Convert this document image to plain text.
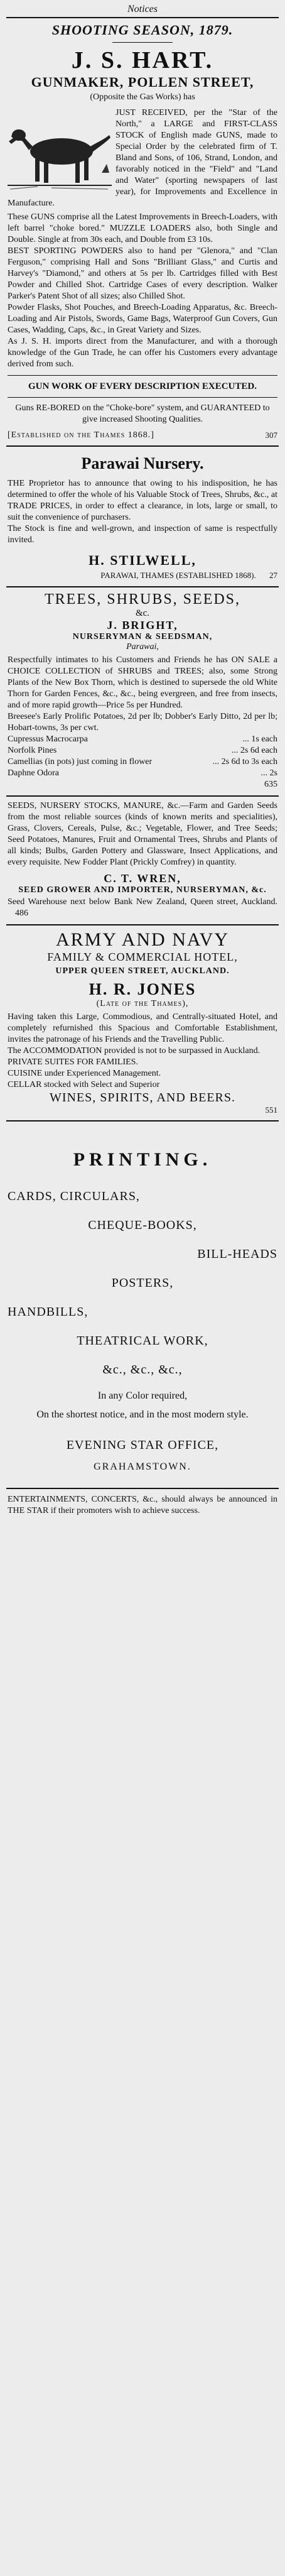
Notices
SHOOTING SEASON, 1879.
J. S. HART.
GUNMAKER, POLLEN STREET,
(Opposite the Gas Works) has

JUST RECEIVED, per the "Star of the North," a LARGE and FIRST-CLASS STOCK of English made GUNS, made to Special Order by the celebrated firm of T. Bland and Sons, of 106, Strand, London, and favorably noticed in the "Field" and "Land and Water" (sporting newspapers of last year), for Improvements and Excellence in Manufacture.

These GUNS comprise all the Latest Improvements in Breech-Loaders, with left barrel "choke bored." MUZZLE LOADERS also, both Single and Double. Single at from 30s each, and Double from £3 10s.
BEST SPORTING POWDERS also to hand per "Glenora," and "Clan Ferguson," comprising Hall and Sons "Brilliant Glass," and Curtis and Harvey's "Diamond," and others at 5s per lb. Cartridges filled with Best Powder and Chilled Shot. Cartridge Cases of every description. Walker Parker's Patent Shot of all sizes; also Chilled Shot.
Powder Flasks, Shot Pouches, and Breech-Loading Apparatus, &c. Breech-Loading and Air Pistols, Swords, Game Bags, Waterproof Gun Covers, Gun Cases, Wadding, Caps, &c., in Great Variety and Sizes.
As J. S. H. imports direct from the Manufacturer, and with a thorough knowledge of the Gun Trade, he can offer his Customers every advantage derived from such.

GUN WORK OF EVERY DESCRIPTION EXECUTED.

Guns RE-BORED on the "Choke-bore" system, and GUARANTEED to give increased Shooting Qualities.

[Established on the Thames 1868.]	307
Parawai Nursery.

THE Proprietor has to announce that owing to his indisposition, he has determined to offer the whole of his Valuable Stock of Trees, Shrubs, &c., at TRADE PRICES, in order to effect a clearance, in lots, large or small, to suit the convenience of purchasers.
The Stock is fine and well-grown, and inspection of same is respectfully invited.

H. STILWELL,
PARAWAI, THAMES (ESTABLISHED 1868). 27
TREES, SHRUBS, SEEDS,
&c.
J. BRIGHT,
NURSERYMAN & SEEDSMAN,
Parawai,

Respectfully intimates to his Customers and Friends he has ON SALE a CHOICE COLLECTION of SHRUBS and TREES; also, some Strong Plants of the New Box Thorn, which is destined to supersede the old White Thorn for Garden Fences, &c., &c., being evergreen, and free from insects, and of more rapid growth—Price 5s per Hundred.
Breesee's Early Prolific Potatoes, 2d per lb; Dobber's Early Ditto, 2d per lb; Hobart-towns, 3s per cwt.

Cupressus Macrocarpa	... 1s each
Norfolk Pines	... 2s 6d each
Camellias (in pots) just coming in flower	... 2s 6d to 3s each
Daphne Odora	... 2s
635

SEEDS, NURSERY STOCKS, MANURE, &c.—Farm and Garden Seeds from the most reliable sources (kinds of known merits and specialities), Grass, Clovers, Cereals, Pulse, &c.; Vegetable, Flower, and Tree Seeds; Seed Potatoes, Manures, Fruit and Ornamental Trees, Shrubs and Plants of all kinds; Bulbs, Garden Pottery and Glassware, Insect Applications, and every requisite. New Fodder Plant (Prickly Comfrey) in quantity.

C. T. WREN,
SEED GROWER AND IMPORTER, NURSERYMAN, &c.

Seed Warehouse next below Bank New Zealand, Queen street, Auckland. 486

ARMY AND NAVY
FAMILY & COMMERCIAL HOTEL,
UPPER QUEEN STREET, AUCKLAND.
H. R. JONES
(Late of the Thames),

Having taken this Large, Commodious, and Centrally-situated Hotel, and completely refurnished this Spacious and Comfortable Establishment, invites the patronage of his Friends and the Travelling Public.
The ACCOMMODATION provided is not to be surpassed in Auckland.
PRIVATE SUITES FOR FAMILIES.
CUISINE under Experienced Management.
CELLAR stocked with Select and Superior

WINES, SPIRITS, AND BEERS.
551
PRINTING.
CARDS, CIRCULARS,
CHEQUE-BOOKS,
BILL-HEADS
POSTERS,
HANDBILLS,
THEATRICAL WORK,
&c., &c., &c.,
In any Color required,
On the shortest notice, and in the most modern style.
EVENING STAR OFFICE,
GRAHAMSTOWN.

ENTERTAINMENTS, CONCERTS, &c., should always be announced in THE STAR if their promoters wish to achieve success.
